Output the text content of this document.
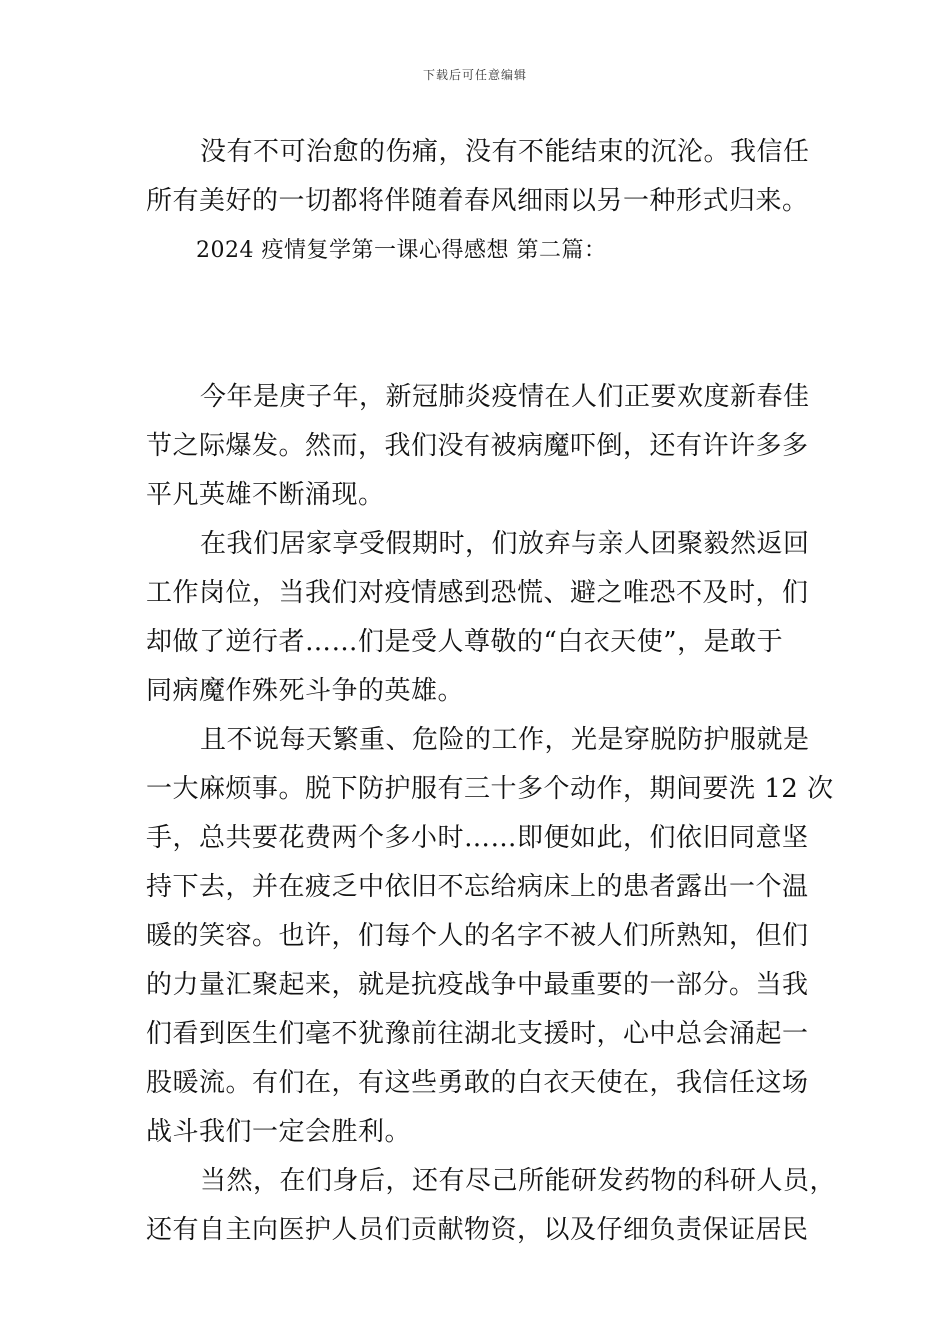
下载后可任意编辑
没有不可治愈的伤痛，没有不能结束的沉沦。我信任
所有美好的一切都将伴随着春风细雨以另一种形式归来。
2024 疫情复学第一课心得感想 第二篇：
今年是庚子年，新冠肺炎疫情在人们正要欢度新春佳
节之际爆发。然而，我们没有被病魔吓倒，还有许许多多
平凡英雄不断涌现。
在我们居家享受假期时，们放弃与亲人团聚毅然返回
工作岗位，当我们对疫情感到恐慌、避之唯恐不及时，们
却做了逆行者……们是受人尊敬的“白衣天使”，是敢于
同病魔作殊死斗争的英雄。
且不说每天繁重、危险的工作，光是穿脱防护服就是
一大麻烦事。脱下防护服有三十多个动作，期间要洗 12 次
手，总共要花费两个多小时……即便如此，们依旧同意坚
持下去，并在疲乏中依旧不忘给病床上的患者露出一个温
暖的笑容。也许，们每个人的名字不被人们所熟知，但们
的力量汇聚起来，就是抗疫战争中最重要的一部分。当我
们看到医生们毫不犹豫前往湖北支援时，心中总会涌起一
股暖流。有们在，有这些勇敢的白衣天使在，我信任这场
战斗我们一定会胜利。
当然，在们身后，还有尽己所能研发药物的科研人员，
还有自主向医护人员们贡献物资，以及仔细负责保证居民
